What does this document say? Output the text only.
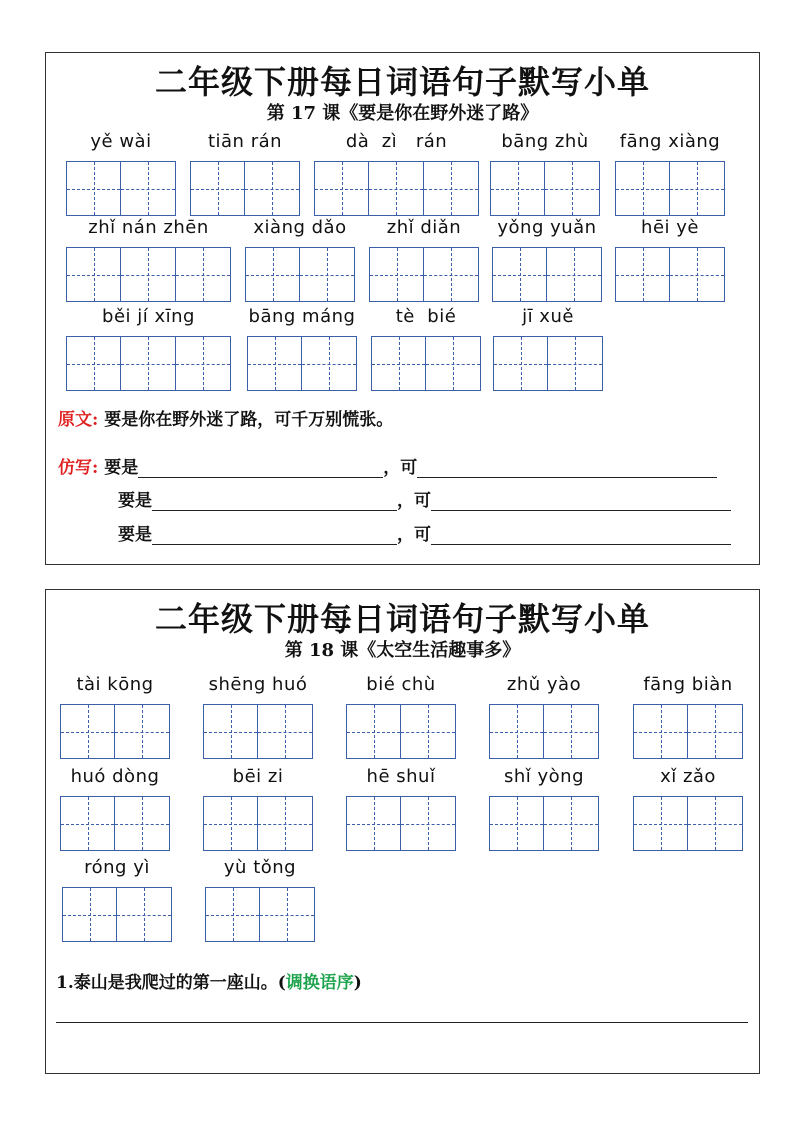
二年级下册每日词语句子默写小单
第 17 课《要是你在野外迷了路》
yě wài	tiān rán	dà  zì   rán	bāng zhù	fāng xiàng
zhǐ nán zhēn	xiàng dǎo	zhǐ diǎn	yǒng yuǎn	hēi yè
běi jí xīng	bāng máng	tè  bié	jī xuě
原文: 要是你在野外迷了路，可千万别慌张。
仿写: 要是	，可
要是	，可
要是	，可
二年级下册每日词语句子默写小单
第 18 课《太空生活趣事多》
tài kōng	shēng huó	bié chù	zhǔ yào	fāng biàn
huó dòng	bēi zi	hē shuǐ	shǐ yòng	xǐ zǎo
róng yì	yù tǒng
1.泰山是我爬过的第一座山。(调换语序)
